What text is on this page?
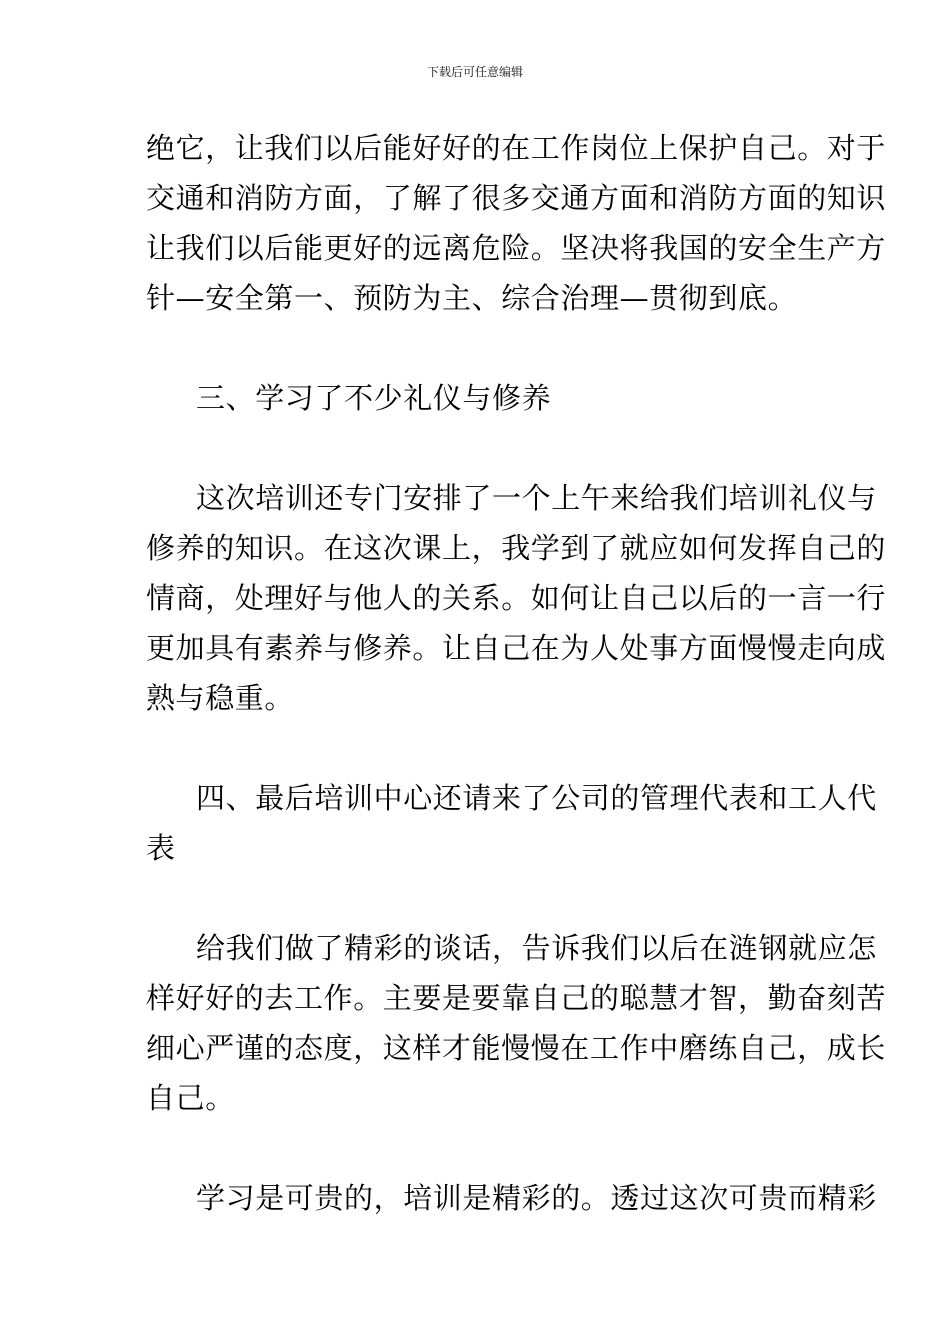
下载后可任意编辑
绝它，让我们以后能好好的在工作岗位上保护自己。对于
交通和消防方面，了解了很多交通方面和消防方面的知识
让我们以后能更好的远离危险。坚决将我国的安全生产方
针—安全第一、预防为主、综合治理—贯彻到底。
三、学习了不少礼仪与修养
这次培训还专门安排了一个上午来给我们培训礼仪与
修养的知识。在这次课上，我学到了就应如何发挥自己的
情商，处理好与他人的关系。如何让自己以后的一言一行
更加具有素养与修养。让自己在为人处事方面慢慢走向成
熟与稳重。
四、最后培训中心还请来了公司的管理代表和工人代
表
给我们做了精彩的谈话，告诉我们以后在涟钢就应怎
样好好的去工作。主要是要靠自己的聪慧才智，勤奋刻苦
细心严谨的态度，这样才能慢慢在工作中磨练自己，成长
自己。
学习是可贵的，培训是精彩的。透过这次可贵而精彩
